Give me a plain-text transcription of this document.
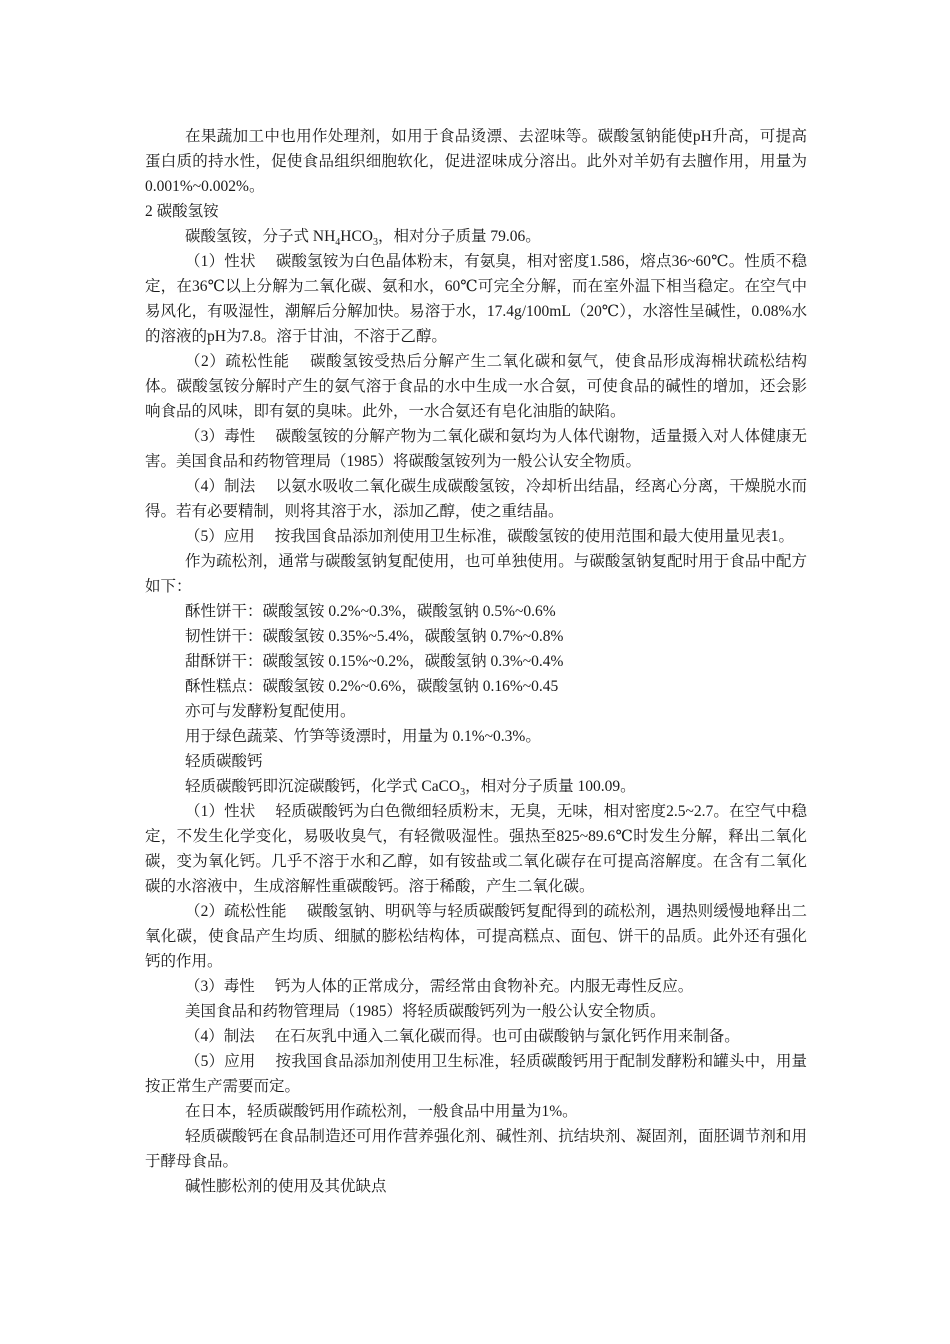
在果蔬加工中也用作处理剂，如用于食品烫漂、去涩味等。碳酸氢钠能使pH升高，可提高蛋白质的持水性，促使食品组织细胞软化，促进涩味成分溶出。此外对羊奶有去膻作用，用量为0.001%~0.002%。

2 碳酸氢铵

碳酸氢铵，分子式 $NH_4HCO_3$，相对分子质量 79.06。

（1）性状 碳酸氢铵为白色晶体粉末，有氨臭，相对密度1.586，熔点36~60℃。性质不稳定，在36℃以上分解为二氧化碳、氨和水，60℃可完全分解，而在室外温下相当稳定。在空气中易风化，有吸湿性，潮解后分解加快。易溶于水，17.4g/100mL（20℃），水溶性呈碱性，0.08%水的溶液的pH为7.8。溶于甘油，不溶于乙醇。

（2）疏松性能 碳酸氢铵受热后分解产生二氧化碳和氨气，使食品形成海棉状疏松结构体。碳酸氢铵分解时产生的氨气溶于食品的水中生成一水合氨，可使食品的碱性的增加，还会影响食品的风味，即有氨的臭味。此外，一水合氨还有皂化油脂的缺陷。

（3）毒性 碳酸氢铵的分解产物为二氧化碳和氨均为人体代谢物，适量摄入对人体健康无害。美国食品和药物管理局（1985）将碳酸氢铵列为一般公认安全物质。

（4）制法 以氨水吸收二氧化碳生成碳酸氢铵，冷却析出结晶，经离心分离，干燥脱水而得。若有必要精制，则将其溶于水，添加乙醇，使之重结晶。

（5）应用 按我国食品添加剂使用卫生标准，碳酸氢铵的使用范围和最大使用量见表1。

作为疏松剂，通常与碳酸氢钠复配使用，也可单独使用。与碳酸氢钠复配时用于食品中配方如下：

酥性饼干：碳酸氢铵 0.2%~0.3%，碳酸氢钠 0.5%~0.6%

韧性饼干：碳酸氢铵 0.35%~5.4%，碳酸氢钠 0.7%~0.8%

甜酥饼干：碳酸氢铵 0.15%~0.2%，碳酸氢钠 0.3%~0.4%

酥性糕点：碳酸氢铵 0.2%~0.6%，碳酸氢钠 0.16%~0.45

亦可与发酵粉复配使用。

用于绿色蔬菜、竹笋等烫漂时，用量为 0.1%~0.3%。

轻质碳酸钙

轻质碳酸钙即沉淀碳酸钙，化学式 CaCO$_3$，相对分子质量 100.09。

（1）性状 轻质碳酸钙为白色微细轻质粉末，无臭，无味，相对密度2.5~2.7。在空气中稳定，不发生化学变化，易吸收臭气，有轻微吸湿性。强热至825~89.6℃时发生分解，释出二氧化碳，变为氧化钙。几乎不溶于水和乙醇，如有铵盐或二氧化碳存在可提高溶解度。在含有二氧化碳的水溶液中，生成溶解性重碳酸钙。溶于稀酸，产生二氧化碳。

（2）疏松性能 碳酸氢钠、明矾等与轻质碳酸钙复配得到的疏松剂，遇热则缓慢地释出二氧化碳，使食品产生均质、细腻的膨松结构体，可提高糕点、面包、饼干的品质。此外还有强化钙的作用。

（3）毒性 钙为人体的正常成分，需经常由食物补充。内服无毒性反应。

美国食品和药物管理局（1985）将轻质碳酸钙列为一般公认安全物质。

（4）制法 在石灰乳中通入二氧化碳而得。也可由碳酸钠与氯化钙作用来制备。

（5）应用 按我国食品添加剂使用卫生标准，轻质碳酸钙用于配制发酵粉和罐头中，用量按正常生产需要而定。

在日本，轻质碳酸钙用作疏松剂，一般食品中用量为1%。

轻质碳酸钙在食品制造还可用作营养强化剂、碱性剂、抗结块剂、凝固剂，面胚调节剂和用于酵母食品。

碱性膨松剂的使用及其优缺点
